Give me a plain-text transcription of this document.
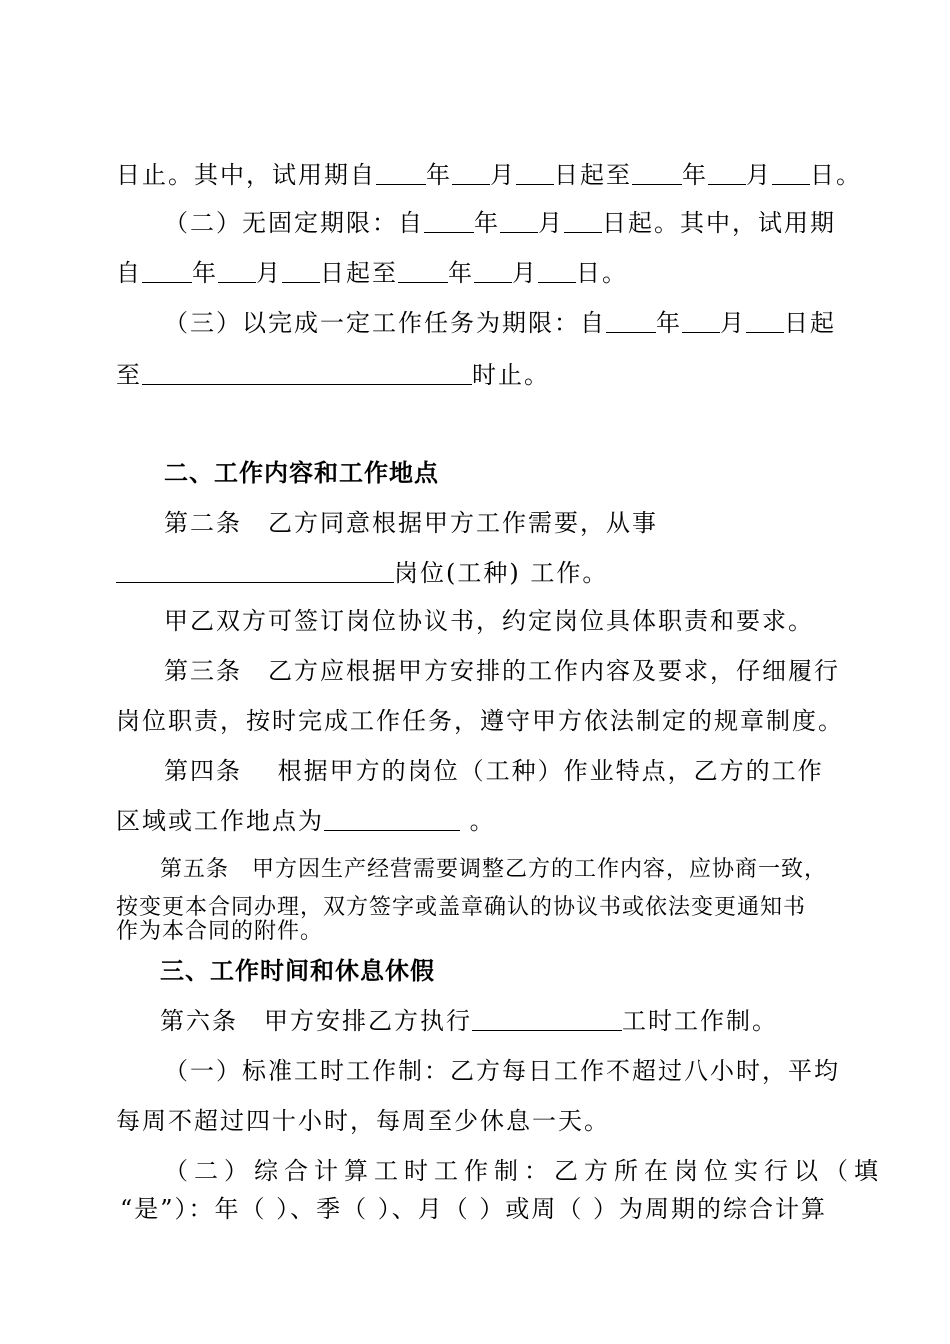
日止。其中，试用期自 年 月 日起至 年 月 日。
（二）无固定期限：自 年 月 日起。其中，试用期
自 年 月 日起至 年 月 日。
（三）以完成一定工作任务为期限：自 年 月 日起
至	时止。
二、工作内容和工作地点
第二条　乙方同意根据甲方工作需要，从事
岗位(工种) 工作。
甲乙双方可签订岗位协议书，约定岗位具体职责和要求。
第三条　乙方应根据甲方安排的工作内容及要求，仔细履行
岗位职责，按时完成工作任务，遵守甲方依法制定的规章制度。
第四条　 根据甲方的岗位（工种）作业特点，乙方的工作
区域或工作地点为	。
第五条　甲方因生产经营需要调整乙方的工作内容，应协商一致，
按变更本合同办理，双方签字或盖章确认的协议书或依法变更通知书
作为本合同的附件。
三、工作时间和休息休假
第六条　甲方安排乙方执行	工时工作制。
（一）标准工时工作制：乙方每日工作不超过八小时，平均
每周不超过四十小时，每周至少休息一天。
（二）综合计算工时工作制：乙方所在岗位实行以（填
“是”）：年（ ）、季（ ）、月（ ）或周（ ）为周期的综合计算
